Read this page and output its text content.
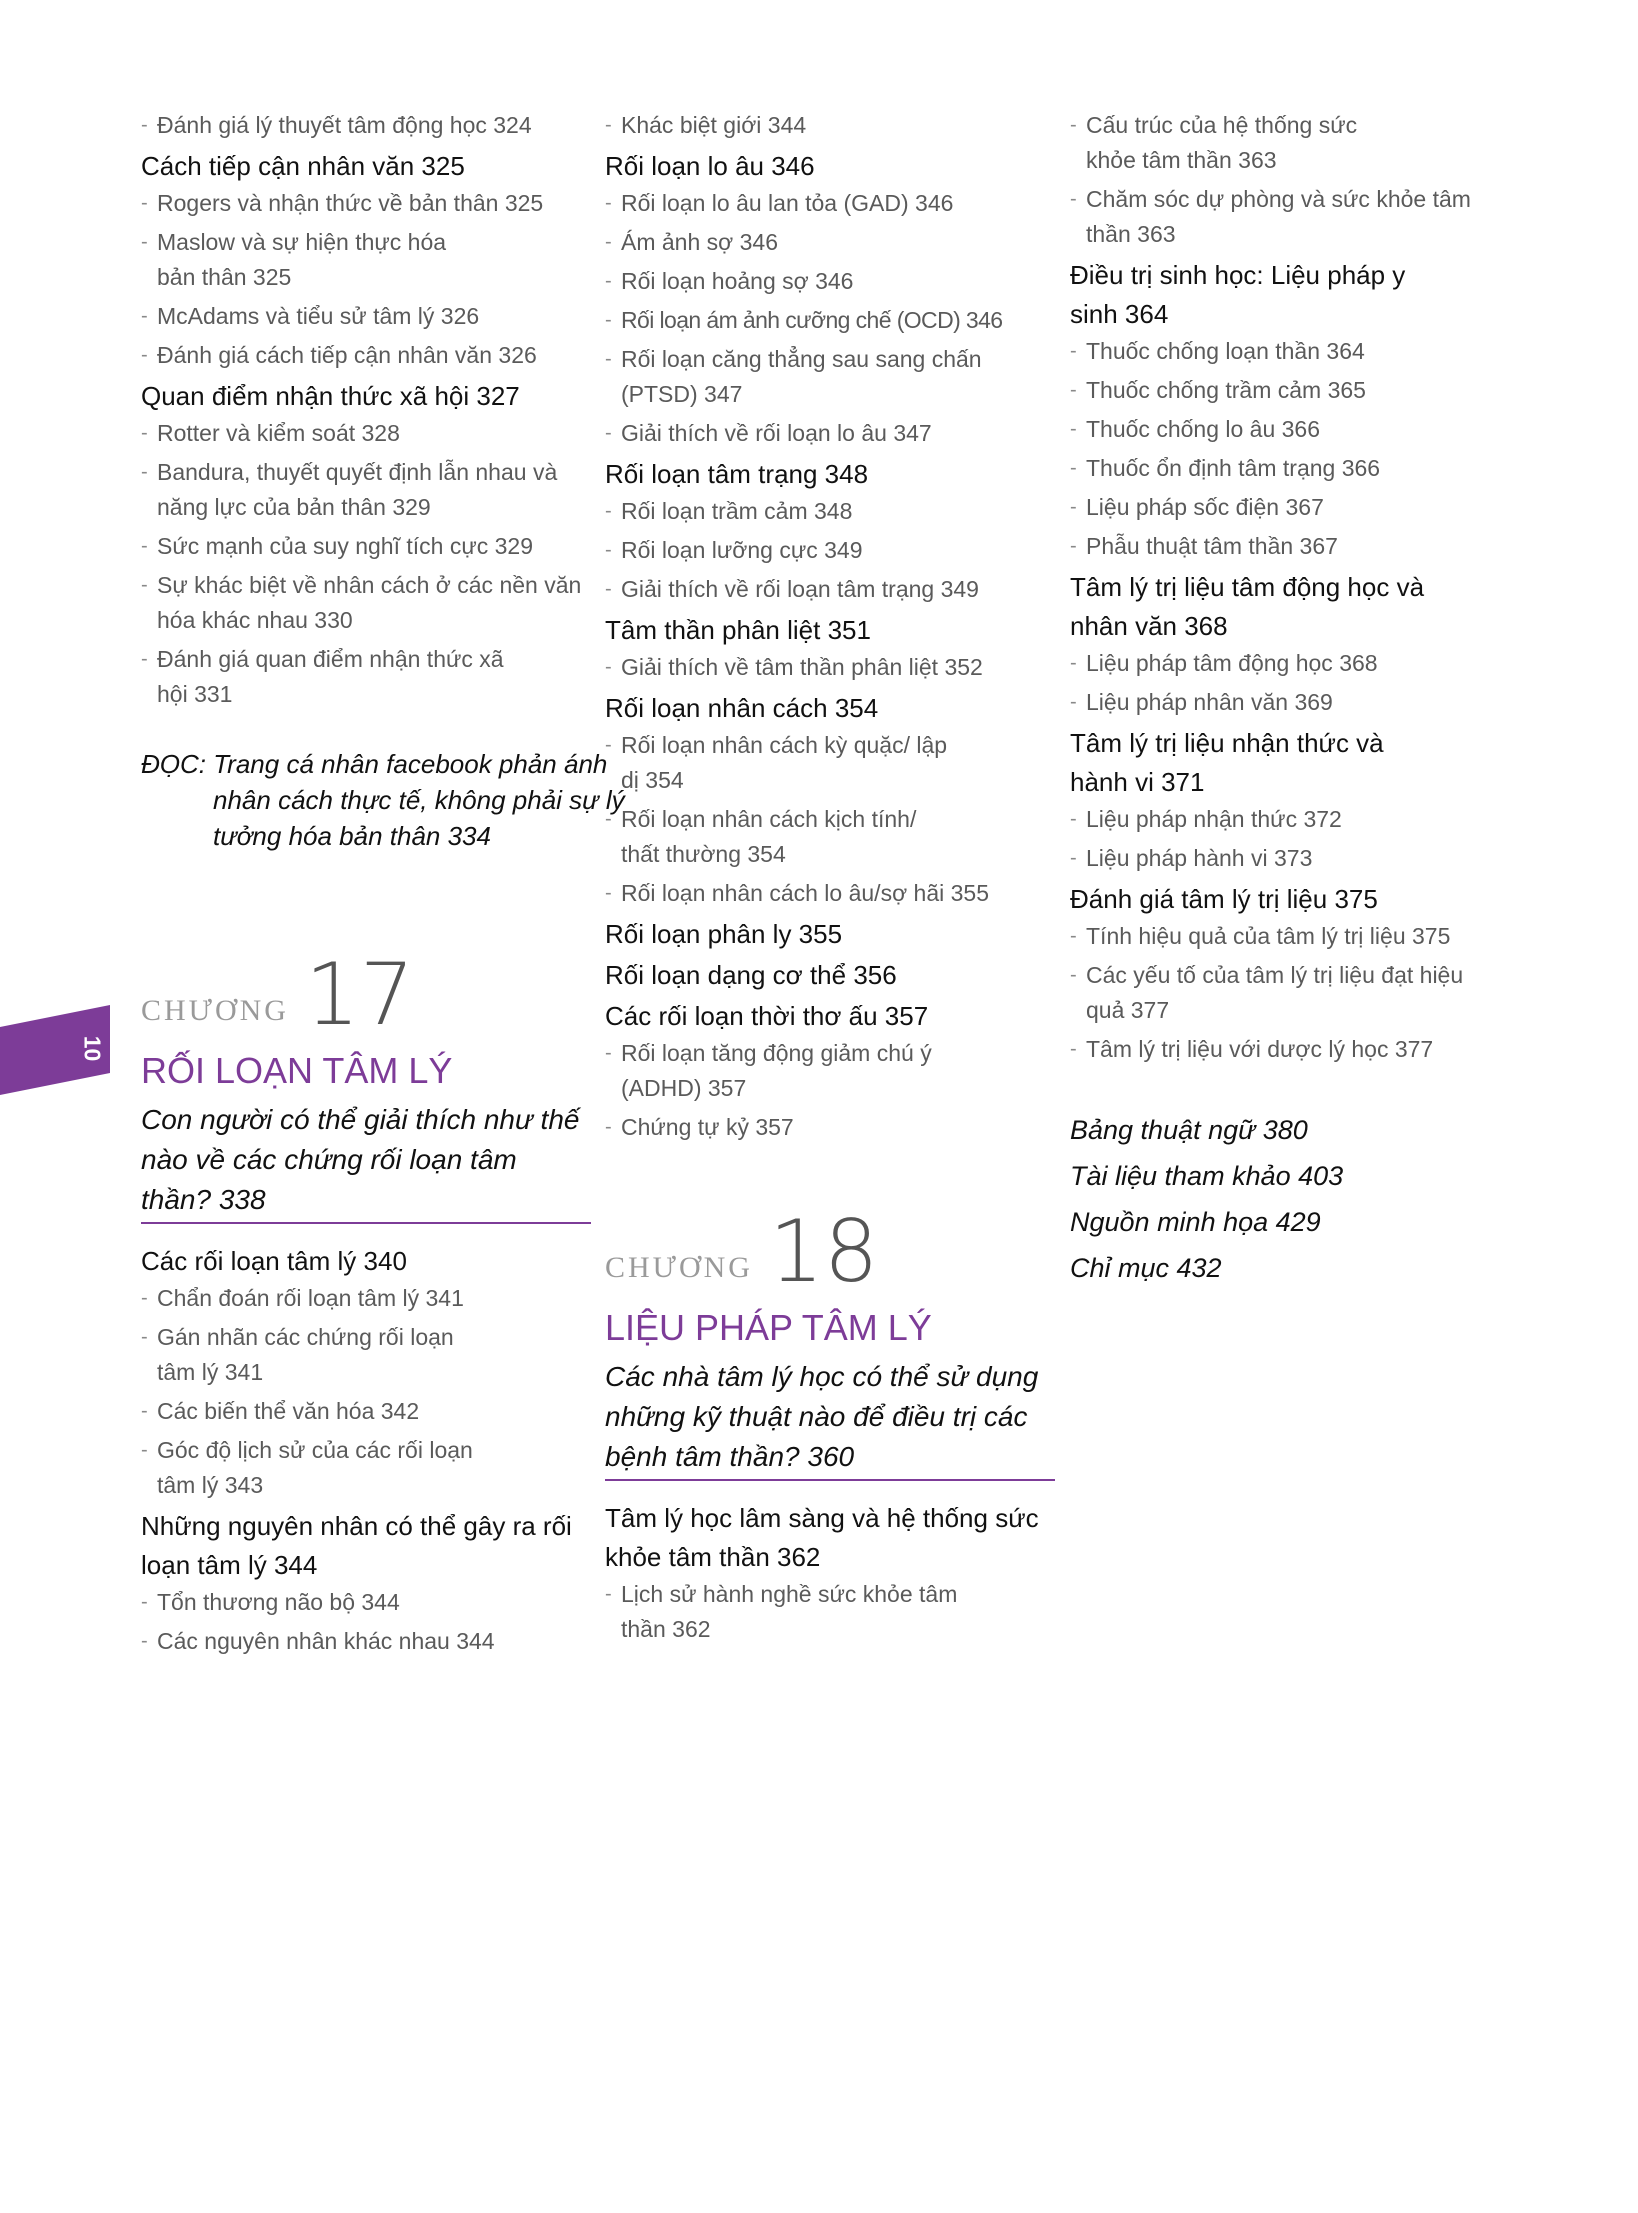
10
- Đánh giá lý thuyết tâm động học 324
Cách tiếp cận nhân văn 325
- Rogers và nhận thức về bản thân 325
- Maslow và sự hiện thực hóa bản thân 325
- McAdams và tiểu sử tâm lý 326
- Đánh giá cách tiếp cận nhân văn 326
Quan điểm nhận thức xã hội 327
- Rotter và kiểm soát 328
- Bandura, thuyết quyết định lẫn nhau và năng lực của bản thân 329
- Sức mạnh của suy nghĩ tích cực 329
- Sự khác biệt về nhân cách ở các nền văn hóa khác nhau 330
- Đánh giá quan điểm nhận thức xã hội 331
ĐỌC: Trang cá nhân facebook phản ánh nhân cách thực tế, không phải sự lý tưởng hóa bản thân 334
CHƯƠNG 17
RỐI LOẠN TÂM LÝ
Con người có thể giải thích như thế nào về các chứng rối loạn tâm thần? 338
Các rối loạn tâm lý 340
- Chẩn đoán rối loạn tâm lý 341
- Gán nhãn các chứng rối loạn tâm lý 341
- Các biến thể văn hóa 342
- Góc độ lịch sử của các rối loạn tâm lý 343
Những nguyên nhân có thể gây ra rối loạn tâm lý 344
- Tổn thương não bộ 344
- Các nguyên nhân khác nhau 344
- Khác biệt giới 344
Rối loạn lo âu 346
- Rối loạn lo âu lan tỏa (GAD) 346
- Ám ảnh sợ 346
- Rối loạn hoảng sợ 346
- Rối loạn ám ảnh cưỡng chế (OCD) 346
- Rối loạn căng thẳng sau sang chấn (PTSD) 347
- Giải thích về rối loạn lo âu 347
Rối loạn tâm trạng 348
- Rối loạn trầm cảm 348
- Rối loạn lưỡng cực 349
- Giải thích về rối loạn tâm trạng 349
Tâm thần phân liệt 351
- Giải thích về tâm thần phân liệt 352
Rối loạn nhân cách 354
- Rối loạn nhân cách kỳ quặc/ lập dị 354
- Rối loạn nhân cách kịch tính/ thất thường 354
- Rối loạn nhân cách lo âu/sợ hãi 355
Rối loạn phân ly 355
Rối loạn dạng cơ thể 356
Các rối loạn thời thơ ấu 357
- Rối loạn tăng động giảm chú ý (ADHD) 357
- Chứng tự kỷ 357
CHƯƠNG 18
LIỆU PHÁP TÂM LÝ
Các nhà tâm lý học có thể sử dụng những kỹ thuật nào để điều trị các bệnh tâm thần? 360
Tâm lý học lâm sàng và hệ thống sức khỏe tâm thần 362
- Lịch sử hành nghề sức khỏe tâm thần 362
- Cấu trúc của hệ thống sức khỏe tâm thần 363
- Chăm sóc dự phòng và sức khỏe tâm thần 363
Điều trị sinh học: Liệu pháp y sinh 364
- Thuốc chống loạn thần 364
- Thuốc chống trầm cảm 365
- Thuốc chống lo âu 366
- Thuốc ổn định tâm trạng 366
- Liệu pháp sốc điện 367
- Phẫu thuật tâm thần 367
Tâm lý trị liệu tâm động học và nhân văn 368
- Liệu pháp tâm động học 368
- Liệu pháp nhân văn 369
Tâm lý trị liệu nhận thức và hành vi 371
- Liệu pháp nhận thức 372
- Liệu pháp hành vi 373
Đánh giá tâm lý trị liệu 375
- Tính hiệu quả của tâm lý trị liệu 375
- Các yếu tố của tâm lý trị liệu đạt hiệu quả 377
- Tâm lý trị liệu với dược lý học 377
Bảng thuật ngữ 380
Tài liệu tham khảo 403
Nguồn minh họa 429
Chỉ mục 432
